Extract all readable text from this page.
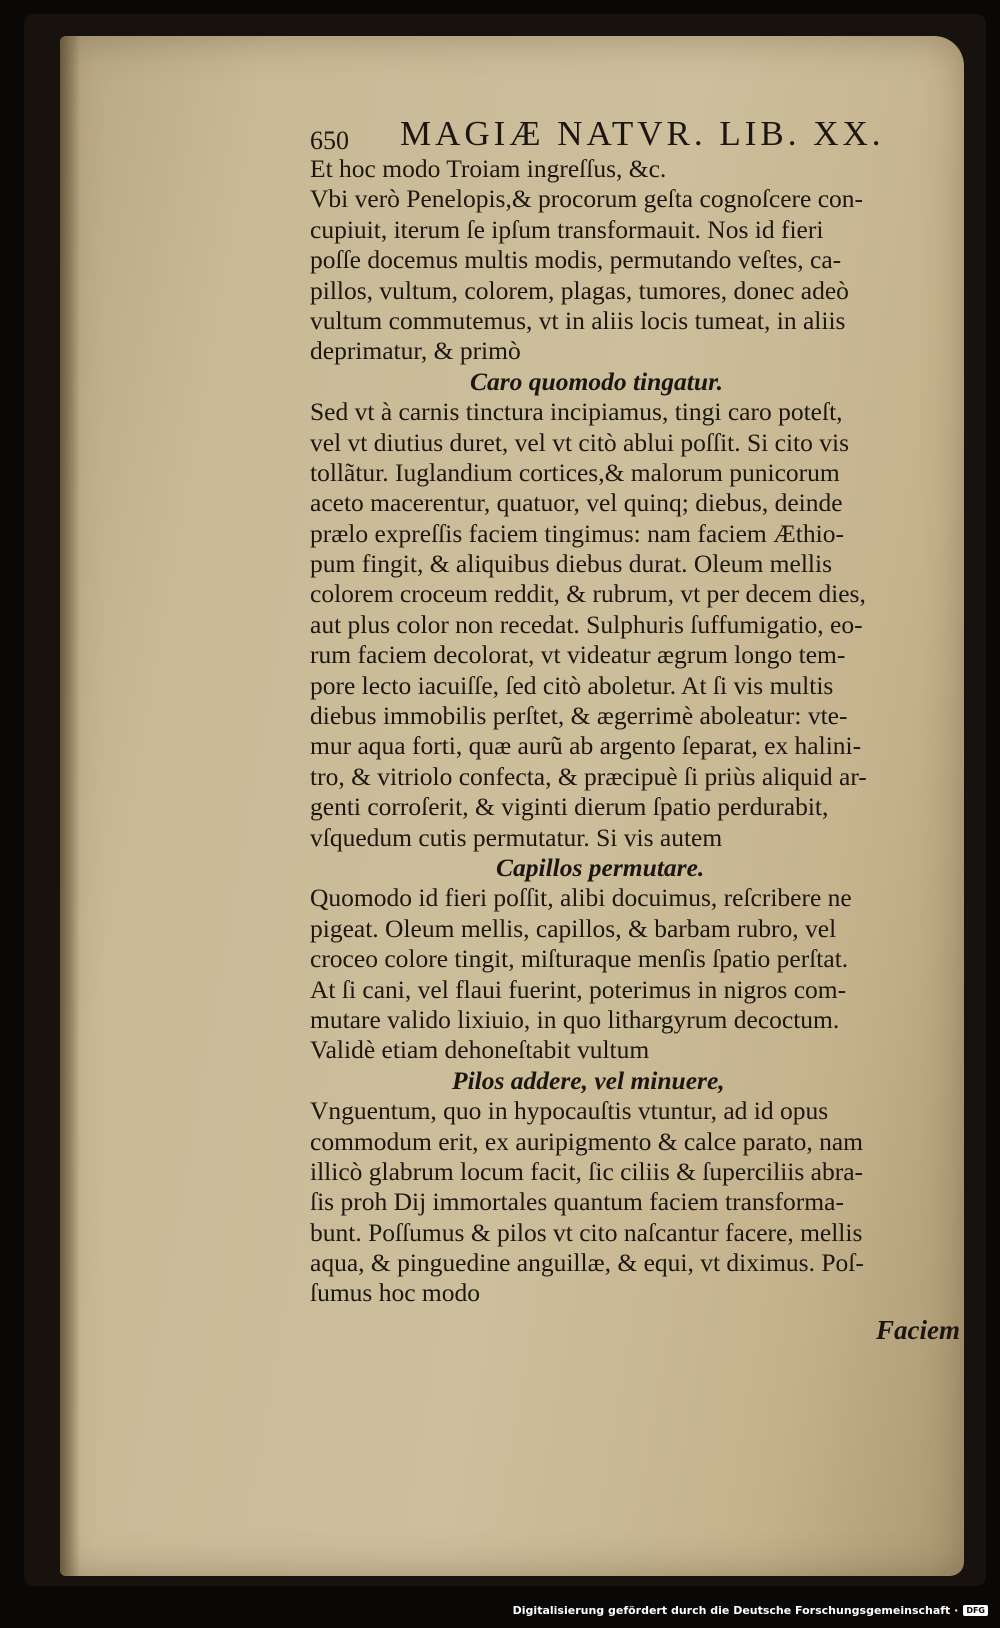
650 MAGIÆ NATVR. LIB. XX.
Et hoc modo Troiam ingreſſus, &c.
Vbi verò Penelopis,& procorum geſta cognoſcere con-
cupiuit, iterum ſe ipſum transformauit. Nos id fieri
poſſe docemus multis modis, permutando veſtes, ca-
pillos, vultum, colorem, plagas, tumores, donec adeò
vultum commutemus, vt in aliis locis tumeat, in aliis
deprimatur, & primò
Caro quomodo tingatur.
Sed vt à carnis tinctura incipiamus, tingi caro poteſt,
vel vt diutius duret, vel vt citò ablui poſſit. Si cito vis
tollãtur. Iuglandium cortices,& malorum punicorum
aceto macerentur, quatuor, vel quinq; diebus, deinde
prælo expreſſis faciem tingimus: nam faciem Æthio-
pum fingit, & aliquibus diebus durat. Oleum mellis
colorem croceum reddit, & rubrum, vt per decem dies,
aut plus color non recedat. Sulphuris ſuffumigatio, eo-
rum faciem decolorat, vt videatur ægrum longo tem-
pore lecto iacuiſſe, ſed citò aboletur. At ſi vis multis
diebus immobilis perſtet, & ægerrimè aboleatur: vte-
mur aqua forti, quæ aurũ ab argento ſeparat, ex halini-
tro, & vitriolo confecta, & præcipuè ſi priùs aliquid ar-
genti corroſerit, & viginti dierum ſpatio perdurabit,
vſquedum cutis permutatur. Si vis autem
Capillos permutare.
Quomodo id fieri poſſit, alibi docuimus, reſcribere ne
pigeat. Oleum mellis, capillos, & barbam rubro, vel
croceo colore tingit, miſturaque menſis ſpatio perſtat.
At ſi cani, vel flaui fuerint, poterimus in nigros com-
mutare valido lixiuio, in quo lithargyrum decoctum.
Validè etiam dehoneſtabit vultum
Pilos addere, vel minuere,
Vnguentum, quo in hypocauſtis vtuntur, ad id opus
commodum erit, ex auripigmento & calce parato, nam
illicò glabrum locum facit, ſic ciliis & ſuperciliis abra-
ſis proh Dij immortales quantum faciem transforma-
bunt. Poſſumus & pilos vt cito naſcantur facere, mellis
aqua, & pinguedine anguillæ, & equi, vt diximus. Poſ-
ſumus hoc modo
Faciem
Digitalisierung gefördert durch die Deutsche Forschungsgemeinschaft ·	DFG
